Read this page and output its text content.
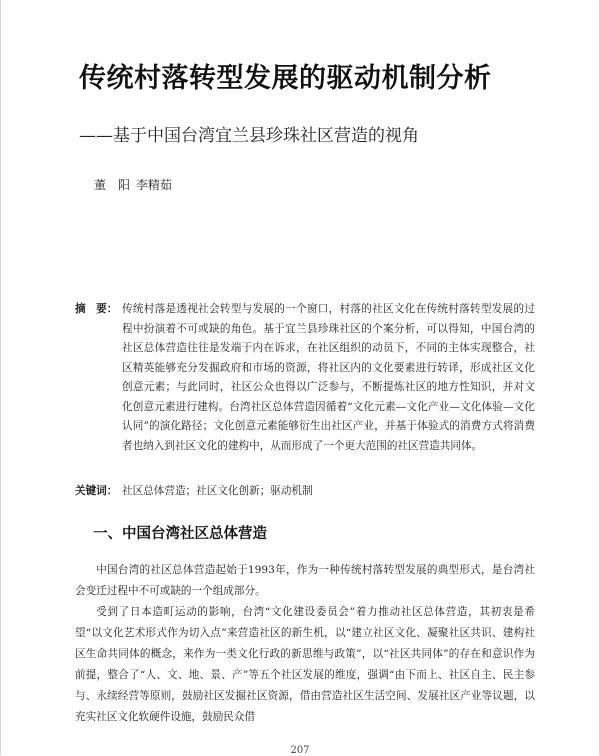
传统村落转型发展的驱动机制分析
——基于中国台湾宜兰县珍珠社区营造的视角
董　阳 李精茹
摘　要： 传统村落是透视社会转型与发展的一个窗口，村落的社区文化在传统村落转型发展的过程中扮演着不可或缺的角色。基于宜兰县珍珠社区的个案分析，可以得知，中国台湾的社区总体营造往往是发端于内在诉求，在社区组织的动员下，不同的主体实现整合，社区精英能够充分发掘政府和市场的资源，将社区内的文化要素进行转译，形成社区文化创意元素；与此同时，社区公众也得以广泛参与，不断提炼社区的地方性知识，并对文化创意元素进行建构。台湾社区总体营造因循着“文化元素—文化产业—文化体验—文化认同”的演化路径；文化创意元素能够衍生出社区产业，并基于体验式的消费方式将消费者也纳入到社区文化的建构中，从而形成了一个更大范围的社区营造共同体。
关键词： 社区总体营造；社区文化创新；驱动机制
一、中国台湾社区总体营造

中国台湾的社区总体营造起始于1993年，作为一种传统村落转型发展的典型形式，是台湾社会变迁过程中不可或缺的一个组成部分。

受到了日本造町运动的影响，台湾“文化建设委员会”着力推动社区总体营造，其初衷是希望“以文化艺术形式作为切入点”来营造社区的新生机，以“建立社区文化、凝聚社区共识、建构社区生命共同体的概念，来作为一类文化行政的新思维与政策”，以“社区共同体”的存在和意识作为前提，整合了“人、文、地、景、产”等五个社区发展的维度，强调“由下而上、社区自主、民主参与、永续经营等原则，鼓励社区发掘社区资源，借由营造社区生活空间、发展社区产业等议题，以充实社区文化软硬件设施，鼓励民众借

207
